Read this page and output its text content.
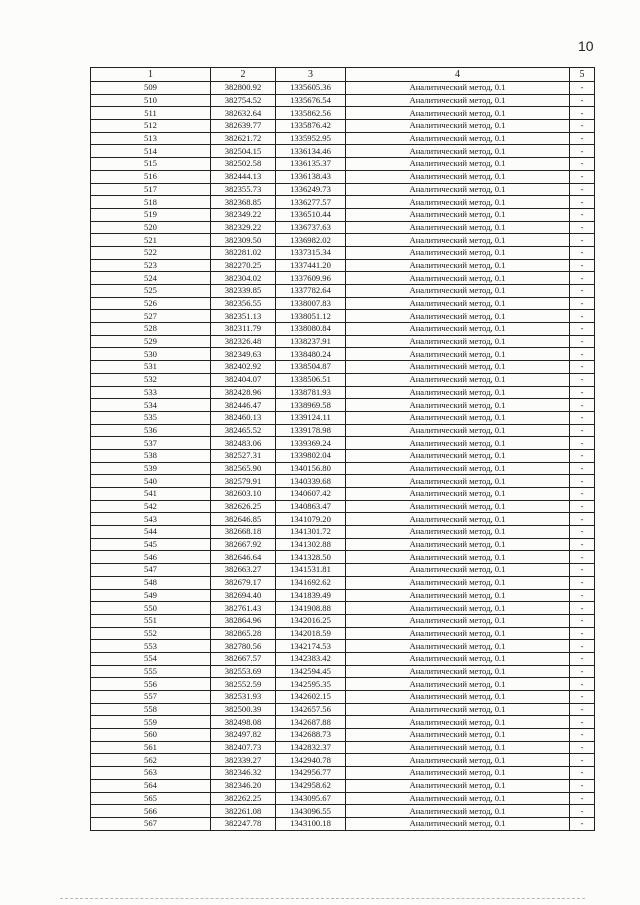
10
1	2	3	4	5
509	382800.92	1335605.36	Аналитический метод, 0.1	-
510	382754.52	1335676.54	Аналитический метод, 0.1	-
511	382632.64	1335862.56	Аналитический метод, 0.1	-
512	382639.77	1335876.42	Аналитический метод, 0.1	-
513	382621.72	1335952.95	Аналитический метод, 0.1	-
514	382504.15	1336134.46	Аналитический метод, 0.1	-
515	382502.58	1336135.37	Аналитический метод, 0.1	-
516	382444.13	1336138.43	Аналитический метод, 0.1	-
517	382355.73	1336249.73	Аналитический метод, 0.1	-
518	382368.85	1336277.57	Аналитический метод, 0.1	-
519	382349.22	1336510.44	Аналитический метод, 0.1	-
520	382329.22	1336737.63	Аналитический метод, 0.1	-
521	382309.50	1336982.02	Аналитический метод, 0.1	-
522	382281.02	1337315.34	Аналитический метод, 0.1	-
523	382270.25	1337441.20	Аналитический метод, 0.1	-
524	382304.02	1337609.96	Аналитический метод, 0.1	-
525	382339.85	1337782.64	Аналитический метод, 0.1	-
526	382356.55	1338007.83	Аналитический метод, 0.1	-
527	382351.13	1338051.12	Аналитический метод, 0.1	-
528	382311.79	1338080.84	Аналитический метод, 0.1	-
529	382326.48	1338237.91	Аналитический метод, 0.1	-
530	382349.63	1338480.24	Аналитический метод, 0.1	-
531	382402.92	1338504.87	Аналитический метод, 0.1	-
532	382404.07	1338506.51	Аналитический метод, 0.1	-
533	382428.96	1338781.93	Аналитический метод, 0.1	-
534	382446.47	1338969.58	Аналитический метод, 0.1	-
535	382460.13	1339124.11	Аналитический метод, 0.1	-
536	382465.52	1339178.98	Аналитический метод, 0.1	-
537	382483.06	1339369.24	Аналитический метод, 0.1	-
538	382527.31	1339802.04	Аналитический метод, 0.1	-
539	382565.90	1340156.80	Аналитический метод, 0.1	-
540	382579.91	1340339.68	Аналитический метод, 0.1	-
541	382603.10	1340607.42	Аналитический метод, 0.1	-
542	382626.25	1340863.47	Аналитический метод, 0.1	-
543	382646.85	1341079.20	Аналитический метод, 0.1	-
544	382668.18	1341301.72	Аналитический метод, 0.1	-
545	382667.92	1341302.88	Аналитический метод, 0.1	-
546	382646.64	1341328.50	Аналитический метод, 0.1	-
547	382663.27	1341531.81	Аналитический метод, 0.1	-
548	382679.17	1341692.62	Аналитический метод, 0.1	-
549	382694.40	1341839.49	Аналитический метод, 0.1	-
550	382761.43	1341908.88	Аналитический метод, 0.1	-
551	382864.96	1342016.25	Аналитический метод, 0.1	-
552	382865.28	1342018.59	Аналитический метод, 0.1	-
553	382780.56	1342174.53	Аналитический метод, 0.1	-
554	382667.57	1342383.42	Аналитический метод, 0.1	-
555	382553.69	1342594.45	Аналитический метод, 0.1	-
556	382552.59	1342595.35	Аналитический метод, 0.1	-
557	382531.93	1342602.15	Аналитический метод, 0.1	-
558	382500.39	1342657.56	Аналитический метод, 0.1	-
559	382498.08	1342687.88	Аналитический метод, 0.1	-
560	382497.82	1342688.73	Аналитический метод, 0.1	-
561	382407.73	1342832.37	Аналитический метод, 0.1	-
562	382339.27	1342940.78	Аналитический метод, 0.1	-
563	382346.32	1342956.77	Аналитический метод, 0.1	-
564	382346.20	1342958.62	Аналитический метод, 0.1	-
565	382262.25	1343095.67	Аналитический метод, 0.1	-
566	382261.08	1343096.55	Аналитический метод, 0.1	-
567	382247.78	1343100.18	Аналитический метод, 0.1	-
